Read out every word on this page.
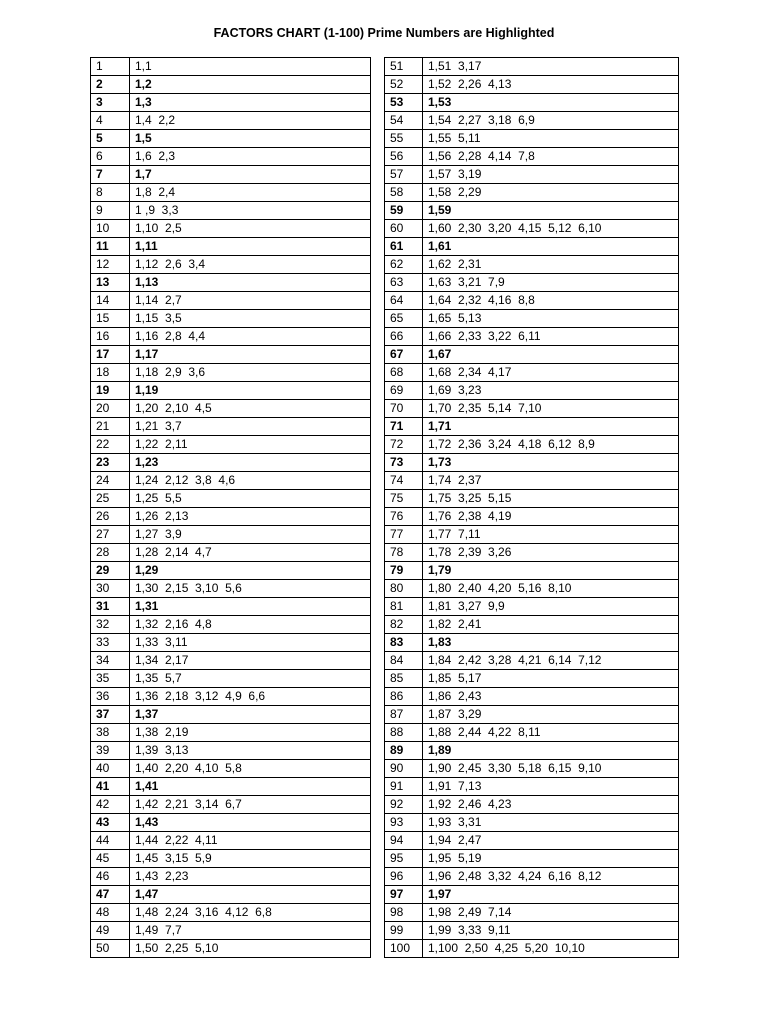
FACTORS CHART (1-100) Prime Numbers are Highlighted
1	1,1
2	1,2
3	1,3
4	1,4  2,2
5	1,5
6	1,6  2,3
7	1,7
8	1,8  2,4
9	1 ,9  3,3
10	1,10  2,5
11	1,11
12	1,12  2,6  3,4
13	1,13
14	1,14  2,7
15	1,15  3,5
16	1,16  2,8  4,4
17	1,17
18	1,18  2,9  3,6
19	1,19
20	1,20  2,10  4,5
21	1,21  3,7
22	1,22  2,11
23	1,23
24	1,24  2,12  3,8  4,6
25	1,25  5,5
26	1,26  2,13
27	1,27  3,9
28	1,28  2,14  4,7
29	1,29
30	1,30  2,15  3,10  5,6
31	1,31
32	1,32  2,16  4,8
33	1,33  3,11
34	1,34  2,17
35	1,35  5,7
36	1,36  2,18  3,12  4,9  6,6
37	1,37
38	1,38  2,19
39	1,39  3,13
40	1,40  2,20  4,10  5,8
41	1,41
42	1,42  2,21  3,14  6,7
43	1,43
44	1,44  2,22  4,11
45	1,45  3,15  5,9
46	1,43  2,23
47	1,47
48	1,48  2,24  3,16  4,12  6,8
49	1,49  7,7
50	1,50  2,25  5,10
51	1,51  3,17
52	1,52  2,26  4,13
53	1,53
54	1,54  2,27  3,18  6,9
55	1,55  5,11
56	1,56  2,28  4,14  7,8
57	1,57  3,19
58	1,58  2,29
59	1,59
60	1,60  2,30  3,20  4,15  5,12  6,10
61	1,61
62	1,62  2,31
63	1,63  3,21  7,9
64	1,64  2,32  4,16  8,8
65	1,65  5,13
66	1,66  2,33  3,22  6,11
67	1,67
68	1,68  2,34  4,17
69	1,69  3,23
70	1,70  2,35  5,14  7,10
71	1,71
72	1,72  2,36  3,24  4,18  6,12  8,9
73	1,73
74	1,74  2,37
75	1,75  3,25  5,15
76	1,76  2,38  4,19
77	1,77  7,11
78	1,78  2,39  3,26
79	1,79
80	1,80  2,40  4,20  5,16  8,10
81	1,81  3,27  9,9
82	1,82  2,41
83	1,83
84	1,84  2,42  3,28  4,21  6,14  7,12
85	1,85  5,17
86	1,86  2,43
87	1,87  3,29
88	1,88  2,44  4,22  8,11
89	1,89
90	1,90  2,45  3,30  5,18  6,15  9,10
91	1,91  7,13
92	1,92  2,46  4,23
93	1,93  3,31
94	1,94  2,47
95	1,95  5,19
96	1,96  2,48  3,32  4,24  6,16  8,12
97	1,97
98	1,98  2,49  7,14
99	1,99  3,33  9,11
100	1,100  2,50  4,25  5,20  10,10
